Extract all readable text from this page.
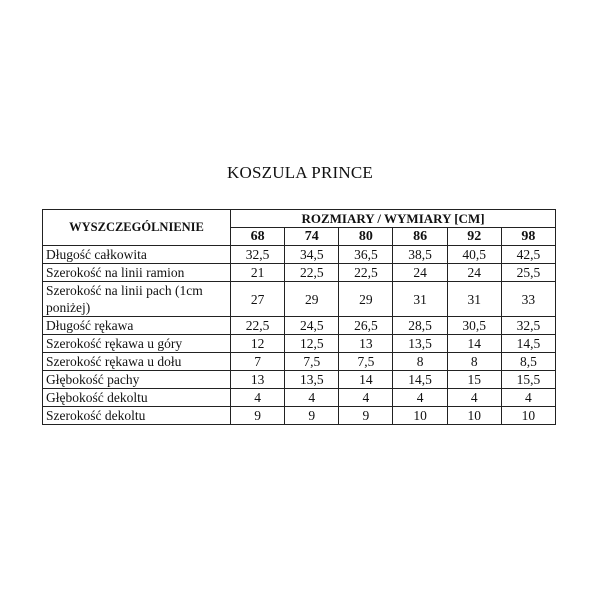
KOSZULA PRINCE
WYSZCZEGÓLNIENIE	ROZMIARY / WYMIARY [CM]					
	68	74	80	86	92	98
Długość całkowita	32,5	34,5	36,5	38,5	40,5	42,5
Szerokość na linii ramion	21	22,5	22,5	24	24	25,5
Szerokość na linii pach (1cm poniżej)	27	29	29	31	31	33
Długość rękawa	22,5	24,5	26,5	28,5	30,5	32,5
Szerokość rękawa u góry	12	12,5	13	13,5	14	14,5
Szerokość rękawa u dołu	7	7,5	7,5	8	8	8,5
Głębokość pachy	13	13,5	14	14,5	15	15,5
Głębokość dekoltu	4	4	4	4	4	4
Szerokość dekoltu	9	9	9	10	10	10
